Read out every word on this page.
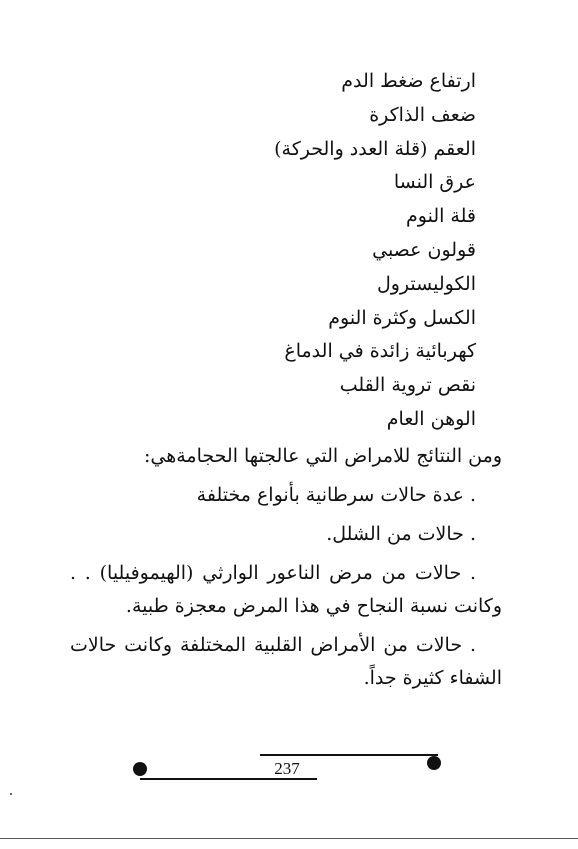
ارتفاع ضغط الدم
ضعف الذاكرة
العقم (قلة العدد والحركة)
عرق النسا
قلة النوم
قولون عصبي
الكوليسترول
الكسل وكثرة النوم
كهربائية زائدة في الدماغ
نقص تروية القلب
الوهن العام
ومن النتائج للامراض التي عالجتها الحجامةهي:
. عدة حالات سرطانية بأنواع مختلفة
. حالات من الشلل.
. حالات من مرض الناعور الوارثي (الهيموفيليا) . . وكانت نسبة النجاح في هذا المرض معجزة طبية.
. حالات من الأمراض القلبية المختلفة وكانت حالات الشفاء كثيرة جداً.
237
